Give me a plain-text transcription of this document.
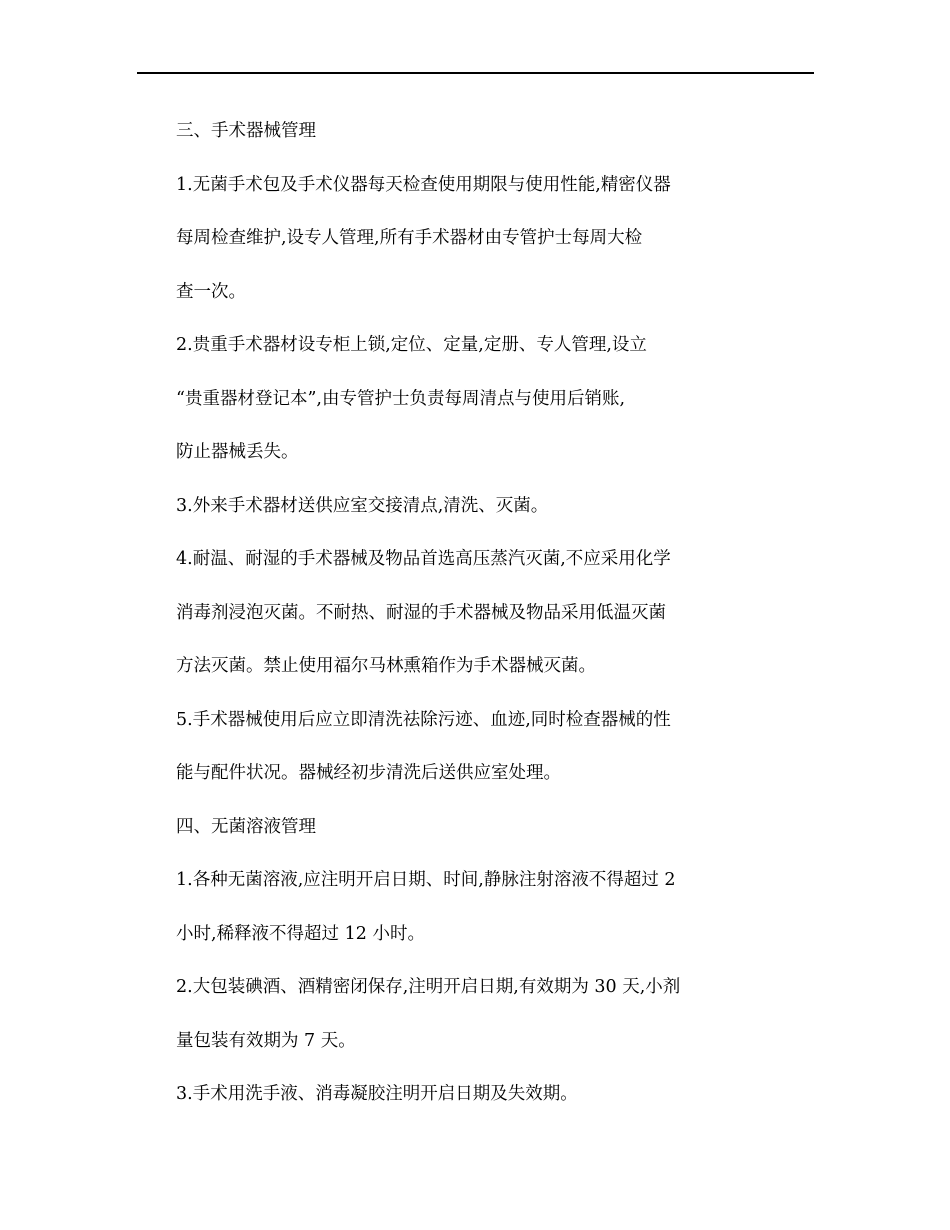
三、手术器械管理
1.无菌手术包及手术仪器每天检查使用期限与使用性能,精密仪器
每周检查维护,设专人管理,所有手术器材由专管护士每周大检
查一次。
2.贵重手术器材设专柜上锁,定位、定量,定册、专人管理,设立
“贵重器材登记本”,由专管护士负责每周清点与使用后销账,
防止器械丢失。
3.外来手术器材送供应室交接清点,清洗、灭菌。
4.耐温、耐湿的手术器械及物品首选高压蒸汽灭菌,不应采用化学
消毒剂浸泡灭菌。不耐热、耐湿的手术器械及物品采用低温灭菌
方法灭菌。禁止使用福尔马林熏箱作为手术器械灭菌。
5.手术器械使用后应立即清洗祛除污迹、血迹,同时检查器械的性
能与配件状况。器械经初步清洗后送供应室处理。
四、无菌溶液管理
1.各种无菌溶液,应注明开启日期、时间,静脉注射溶液不得超过 2
小时,稀释液不得超过 12 小时。
2.大包装碘酒、酒精密闭保存,注明开启日期,有效期为 30 天,小剂
量包装有效期为 7 天。
3.手术用洗手液、消毒凝胶注明开启日期及失效期。
